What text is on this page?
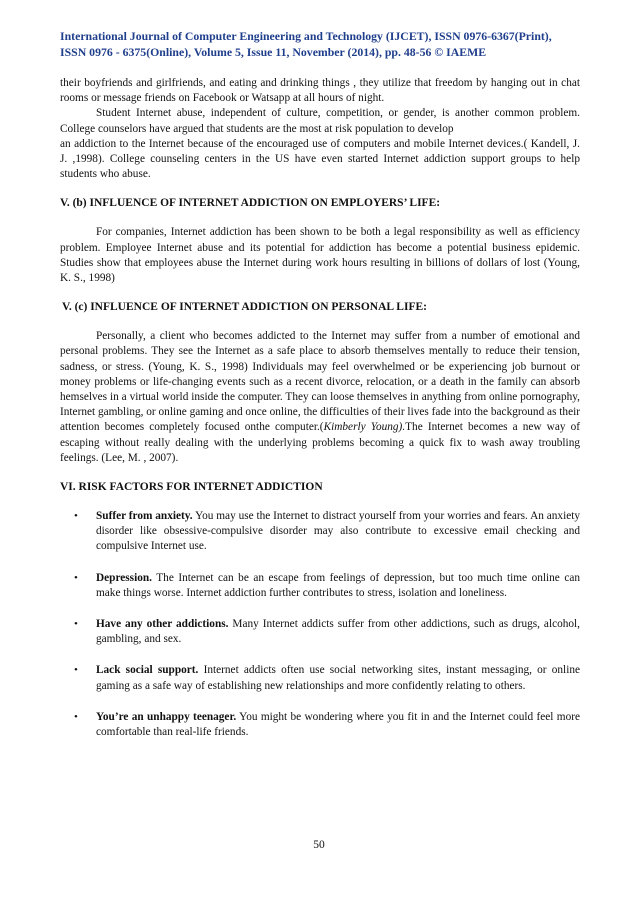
International Journal of Computer Engineering and Technology (IJCET), ISSN 0976-6367(Print),
ISSN 0976 - 6375(Online), Volume 5, Issue 11, November (2014), pp. 48-56 © IAEME

their boyfriends and girlfriends, and eating and drinking things , they utilize that freedom by hanging out in chat rooms or message friends on Facebook or Watsapp at all hours of night.

Student Internet abuse, independent of culture, competition, or gender, is another common problem. College counselors have argued that students are the most at risk population to develop

an addiction to the Internet because of the encouraged use of computers and mobile Internet devices.( Kandell, J. J. ,1998). College counseling centers in the US have even started Internet addiction support groups to help students who abuse.

V. (b) INFLUENCE OF INTERNET ADDICTION ON EMPLOYERS’ LIFE:

For companies, Internet addiction has been shown to be both a legal responsibility as well as efficiency problem. Employee Internet abuse and its potential for addiction has become a potential business epidemic. Studies show that employees abuse the Internet during work hours resulting in billions of dollars of lost (Young, K. S., 1998)

V. (c) INFLUENCE OF INTERNET ADDICTION ON PERSONAL LIFE:

Personally, a client who becomes addicted to the Internet may suffer from a number of emotional and personal problems. They see the Internet as a safe place to absorb themselves mentally to reduce their tension, sadness, or stress. (Young, K. S., 1998) Individuals may feel overwhelmed or be experiencing job burnout or money problems or life-changing events such as a recent divorce, relocation, or a death in the family can absorb hemselves in a virtual world inside the computer. They can loose themselves in anything from online pornography, Internet gambling, or online gaming and once online, the difficulties of their lives fade into the background as their attention becomes completely focused onthe computer.(Kimberly Young).The Internet becomes a new way of escaping without really dealing with the underlying problems becoming a quick fix to wash away troubling feelings. (Lee, M. , 2007).

VI. RISK FACTORS FOR INTERNET ADDICTION
• Suffer from anxiety. You may use the Internet to distract yourself from your worries and fears. An anxiety disorder like obsessive-compulsive disorder may also contribute to excessive email checking and compulsive Internet use.
• Depression. The Internet can be an escape from feelings of depression, but too much time online can make things worse. Internet addiction further contributes to stress, isolation and loneliness.
• Have any other addictions. Many Internet addicts suffer from other addictions, such as drugs, alcohol, gambling, and sex.
• Lack social support. Internet addicts often use social networking sites, instant messaging, or online gaming as a safe way of establishing new relationships and more confidently relating to others.
• You’re an unhappy teenager. You might be wondering where you fit in and the Internet could feel more comfortable than real-life friends.
50
